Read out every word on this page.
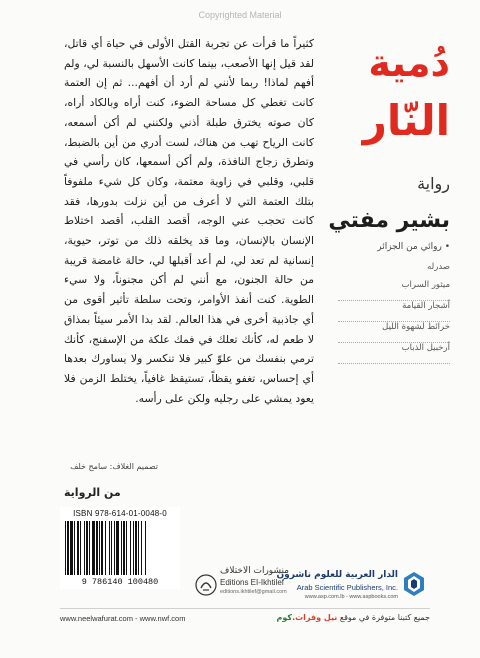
Copyrighted Material
دُمية
النّار
رواية
بشير مفتي
• روائي من الجزائر
صدرله
ميثور السراب
أشجار القيامة
خرائط لشهوة الليل
أرخبيل الذباب

كثيراً ما قرأت عن تجربة القتل الأولى في حياة أي قاتل، لقد قيل إنها الأصعب، بينما كانت الأسهل بالنسبة لي، ولم أفهم لماذا! ربما لأنني لم أرد أن أفهم... ثم إن العتمة كانت تغطي كل مساحة الضوء، كنت أراه وبالكاد أراه، كان صوته يخترق طبلة أذني ولكنني لم أكن أسمعه، كانت الرياح تهب من هناك، لست أدري من أين بالضبط، وتطرق زجاج النافذة، ولم أكن أسمعها، كان رأسي في قلبي، وقلبي في زاوية معتمة، وكان كل شيء ملفوفاً بتلك العتمة التي لا أعرف من أين نزلت بدورها، فقد كانت تحجب عني الوجه، أقصد القلب، أقصد اختلاط الإنسان بالإنسان، وما قد يخلقه ذلك من توتر، حيوية، إنسانية لم تعد لي، لم أعد أقبلها لي، حالة غامضة قريبة من حالة الجنون، مع أنني لم أكن مجنوناً، ولا سيء الطوية. كنت أنفذ الأوامر، وتحت سلطة تأثير أقوى من أي جاذبية أخرى في هذا العالم. لقد بدا الأمر سيئاً بمذاق لا طعم له، كأنك تعلك في فمك علكة من الإسفنج، كأنك ترمي بنفسك من علوّ كبير فلا تنكسر ولا يساورك بعدها أي إحساس، تغفو يقظاً، تستيقظ غافياً، يختلط الزمن فلا يعود يمشي على رجليه ولكن على رأسه.

من الرواية
تصميم الغلاف: سامح خلف
ISBN 978-614-01-0048-0
9 786140 100480
منشورات الاختلاف
Editions EI-Ikhtilef
editions.ikhtilef@gmail.com
الدار العربية للعلوم ناشرون
Arab Scientific Publishers, Inc.
www.asp.com.lb - www.aspbooks.com
www.neelwafurat.com - www.nwf.com	جميع كتبنا متوفرة في موقع نيل وفرات.كوم
